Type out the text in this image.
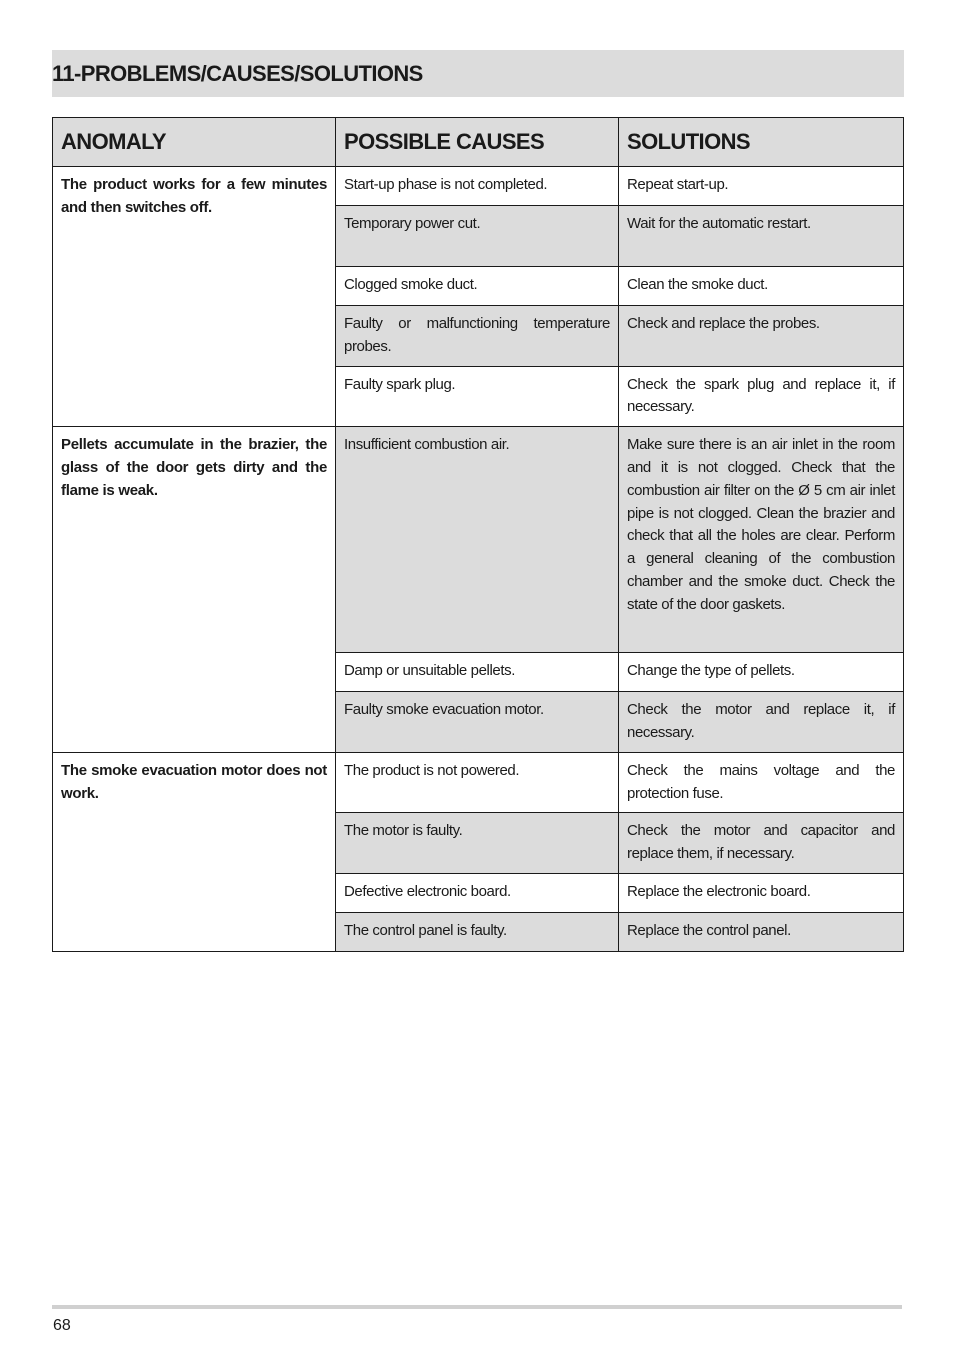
11-PROBLEMS/CAUSES/SOLUTIONS
ANOMALY	POSSIBLE CAUSES	SOLUTIONS
The product works for a few minutes and then switches off.	Start-up phase is not completed.	Repeat start-up.
	Temporary power cut.	Wait for the automatic restart.
	Clogged smoke duct.	Clean the smoke duct.
	Faulty or malfunctioning temperature probes.	Check and replace the probes.
	Faulty spark plug.	Check the spark plug and replace it, if necessary.
Pellets accumulate in the brazier, the glass of the door gets dirty and the flame is weak.	Insufficient combustion air.	Make sure there is an air inlet in the room and it is not clogged. Check that the combustion air filter on the Ø 5 cm air inlet pipe is not clogged. Clean the brazier and check that all the holes are clear. Perform a general cleaning of the combustion chamber and the smoke duct. Check the state of the door gaskets.
	Damp or unsuitable pellets.	Change the type of pellets.
	Faulty smoke evacuation motor.	Check the motor and replace it, if necessary.
The smoke evacuation motor does not work.	The product is not powered.	Check the mains voltage and the protection fuse.
	The motor is faulty.	Check the motor and capacitor and replace them, if necessary.
	Defective electronic board.	Replace the electronic board.
	The control panel is faulty.	Replace the control panel.
68
